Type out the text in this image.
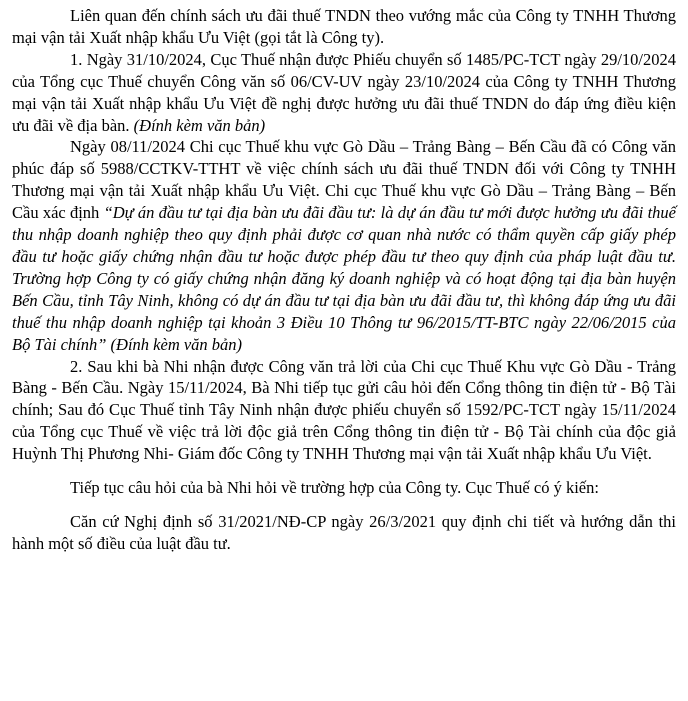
Liên quan đến chính sách ưu đãi thuế TNDN theo vướng mắc của Công ty TNHH Thương mại vận tải Xuất nhập khẩu Ưu Việt (gọi tắt là Công ty).

1. Ngày 31/10/2024, Cục Thuế nhận được Phiếu chuyển số 1485/PC-TCT ngày 29/10/2024 của Tổng cục Thuế chuyển Công văn số 06/CV-UV ngày 23/10/2024 của Công ty TNHH Thương mại vận tải Xuất nhập khẩu Ưu Việt đề nghị được hưởng ưu đãi thuế TNDN do đáp ứng điều kiện ưu đãi về địa bàn. (Đính kèm văn bản)

Ngày 08/11/2024 Chi cục Thuế khu vực Gò Dầu – Trảng Bàng – Bến Cầu đã có Công văn phúc đáp số 5988/CCTKV-TTHT về việc chính sách ưu đãi thuế TNDN đối với Công ty TNHH Thương mại vận tải Xuất nhập khẩu Ưu Việt. Chi cục Thuế khu vực Gò Dầu – Trảng Bàng – Bến Cầu xác định “Dự án đầu tư tại địa bàn ưu đãi đầu tư: là dự án đầu tư mới được hưởng ưu đãi thuế thu nhập doanh nghiệp theo quy định phải được cơ quan nhà nước có thẩm quyền cấp giấy phép đầu tư hoặc giấy chứng nhận đầu tư hoặc được phép đầu tư theo quy định của pháp luật đầu tư. Trường hợp Công ty có giấy chứng nhận đăng ký doanh nghiệp và có hoạt động tại địa bàn huyện Bến Cầu, tỉnh Tây Ninh, không có dự án đầu tư tại địa bàn ưu đãi đầu tư, thì không đáp ứng ưu đãi thuế thu nhập doanh nghiệp tại khoản 3 Điều 10 Thông tư 96/2015/TT-BTC ngày 22/06/2015 của Bộ Tài chính” (Đính kèm văn bản)

2. Sau khi bà Nhi nhận được Công văn trả lời của Chi cục Thuế Khu vực Gò Dầu - Trảng Bàng - Bến Cầu. Ngày 15/11/2024, Bà Nhi tiếp tục gửi câu hỏi đến Cổng thông tin điện tử - Bộ Tài chính; Sau đó Cục Thuế tỉnh Tây Ninh nhận được phiếu chuyển số 1592/PC-TCT ngày 15/11/2024 của Tổng cục Thuế về việc trả lời độc giả trên Cổng thông tin điện tử - Bộ Tài chính của độc giả Huỳnh Thị Phương Nhi- Giám đốc Công ty TNHH Thương mại vận tải Xuất nhập khẩu Ưu Việt.

Tiếp tục câu hỏi của bà Nhi hỏi về trường hợp của Công ty. Cục Thuế có ý kiến:

Căn cứ Nghị định số 31/2021/NĐ-CP ngày 26/3/2021 quy định chi tiết và hướng dẫn thi hành một số điều của luật đầu tư.
